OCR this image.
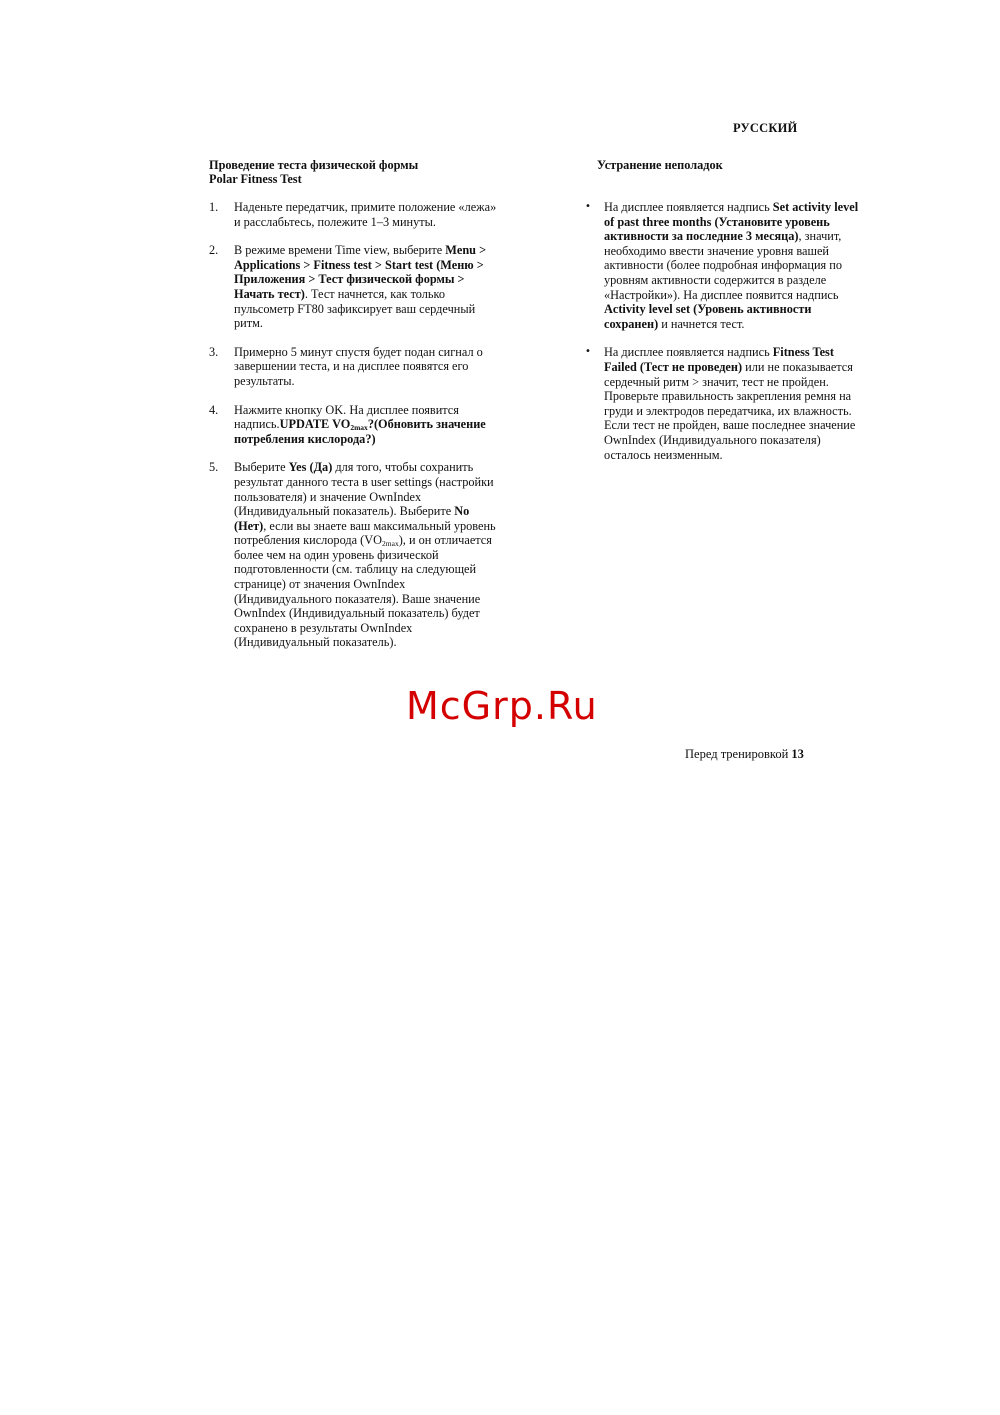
РУССКИЙ
Проведение теста физической формы
Polar Fitness Test
1.	Наденьте передатчик, примите положение «лежа» и расслабьтесь, полежите 1–3 минуты.
2.	В режиме времени Time view, выберите Menu > Applications > Fitness test > Start test (Меню > Приложения > Тест физической формы > Начать тест). Тест начнется, как только пульсометр FT80 зафиксирует ваш сердечный ритм.
3.	Примерно 5 минут спустя будет подан сигнал о завершении теста, и на дисплее появятся его результаты.
4.	Нажмите кнопку OK. На дисплее появится надпись.UPDATE $VO_{2max}?(Обновить$ значение потребления кислорода?)
5.	Выберите Yes (Да) для того, чтобы сохранить результат данного теста в user settings (настройки пользователя) и значение OwnIndex (Индивидуальный показатель). Выберите No (Нет), если вы знаете ваш максимальный уровень потребления кислорода $(VO_{2max})$, и он отличается более чем на один уровень физической подготовленности (см. таблицу на следующей странице) от значения OwnIndex (Индивидуального показателя). Ваше значение OwnIndex (Индивидуальный показатель) будет сохранено в результаты OwnIndex (Индивидуальный показатель).
Устранение неполадок
•	На дисплее появляется надпись Set activity level of past three months (Установите уровень активности за последние 3 месяца), значит, необходимо ввести значение уровня вашей активности (более подробная информация по уровням активности содержится в разделе «Настройки»). На дисплее появится надпись Activity level set (Уровень активности сохранен) и начнется тест.
•	На дисплее появляется надпись Fitness Test Failed (Тест не проведен) или не показывается сердечный ритм > значит, тест не пройден. Проверьте правильность закрепления ремня на груди и электродов передатчика, их влажность. Если тест не пройден, ваше последнее значение OwnIndex (Индивидуального показателя) осталось неизменным.
McGrp.Ru
Перед тренировкой 13
